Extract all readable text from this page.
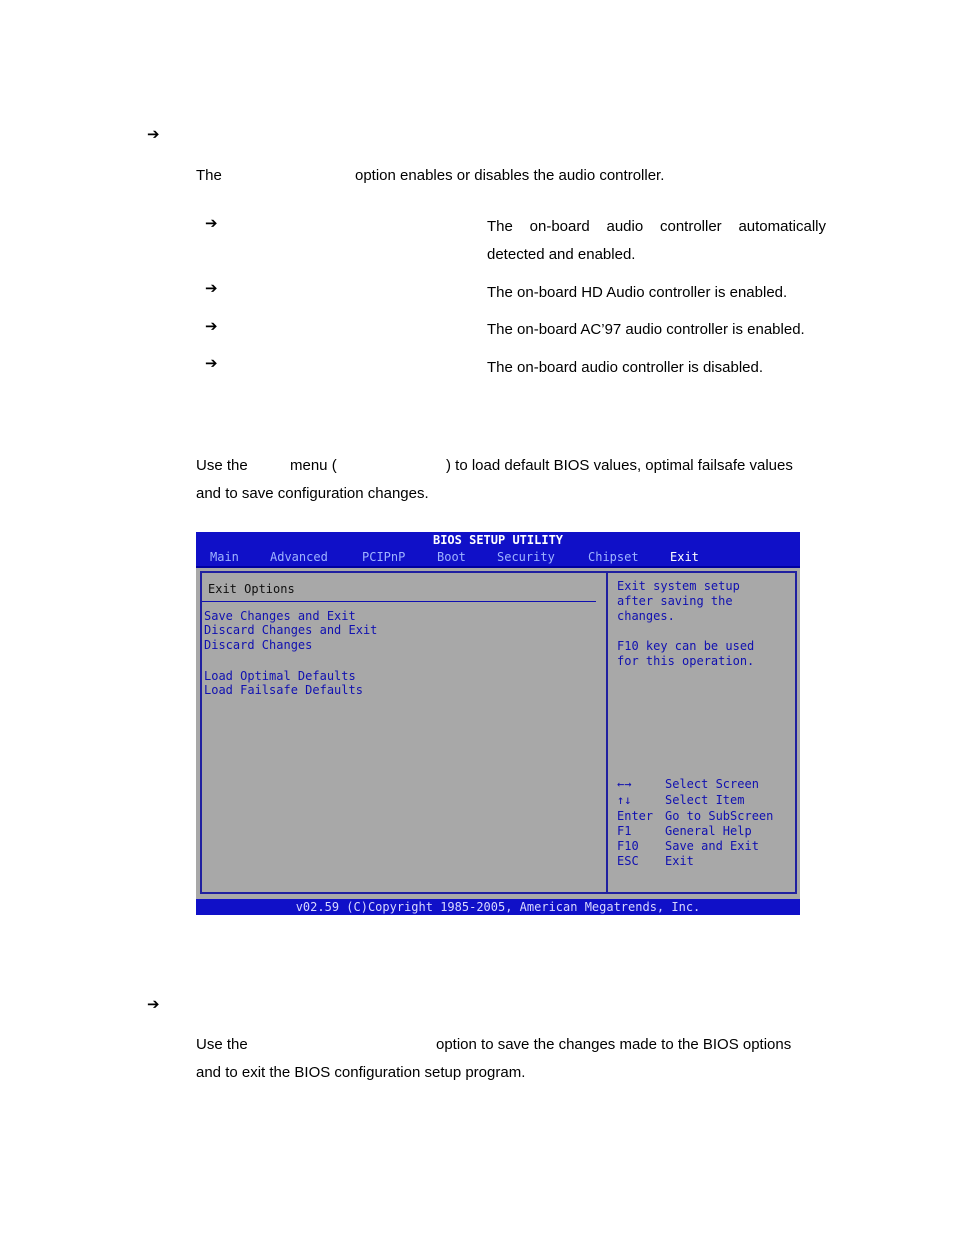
➔
The	option enables or disables the audio controller.
➔	The on-board audio controller automatically
detected and enabled.
➔	The on-board HD Audio controller is enabled.
➔	The on-board AC’97 audio controller is enabled.
➔	The on-board audio controller is disabled.
Use the	menu (	) to load default BIOS values, optimal failsafe values
and to save configuration changes.
BIOS SETUP UTILITY
Main	Advanced	PCIPnP	Boot	Security	Chipset	Exit
Exit Options
Save Changes and Exit
Discard Changes and Exit
Discard Changes
Load Optimal Defaults
Load Failsafe Defaults
Exit system setup
after saving the
changes.
F10 key can be used
for this operation.
←→	Select Screen
↑↓	Select Item
Enter Go to SubScreen
F1	General Help
F10 Save and Exit
ESC Exit
v02.59 (C)Copyright 1985-2005, American Megatrends, Inc.
➔
Use the	option to save the changes made to the BIOS options
and to exit the BIOS configuration setup program.
